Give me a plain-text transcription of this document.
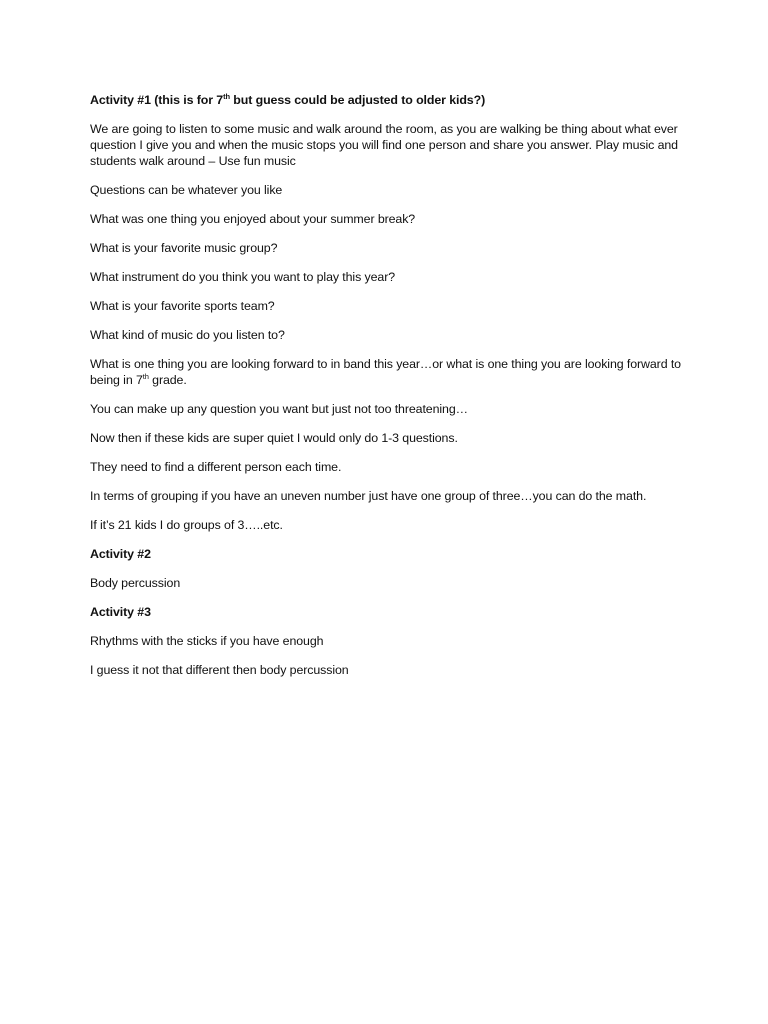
Activity #1 (this is for 7th but guess could be adjusted to older kids?)

We are going to listen to some music and walk around the room, as you are walking be thing about what ever question I give you and when the music stops you will find one person and share you answer. Play music and students walk around – Use fun music

Questions can be whatever you like

What was one thing you enjoyed about your summer break?

What is your favorite music group?

What instrument do you think you want to play this year?

What is your favorite sports team?

What kind of music do you listen to?

What is one thing you are looking forward to in band this year…or what is one thing you are looking forward to being in 7th grade.

You can make up any question you want but just not too threatening…

Now then if these kids are super quiet I would only do 1-3 questions.

They need to find a different person each time.

In terms of grouping if you have an uneven number just have one group of three…you can do the math.

If it’s 21 kids I do groups of 3…..etc.

Activity #2

Body percussion

Activity #3

Rhythms with the sticks if you have enough

I guess it not that different then body percussion
